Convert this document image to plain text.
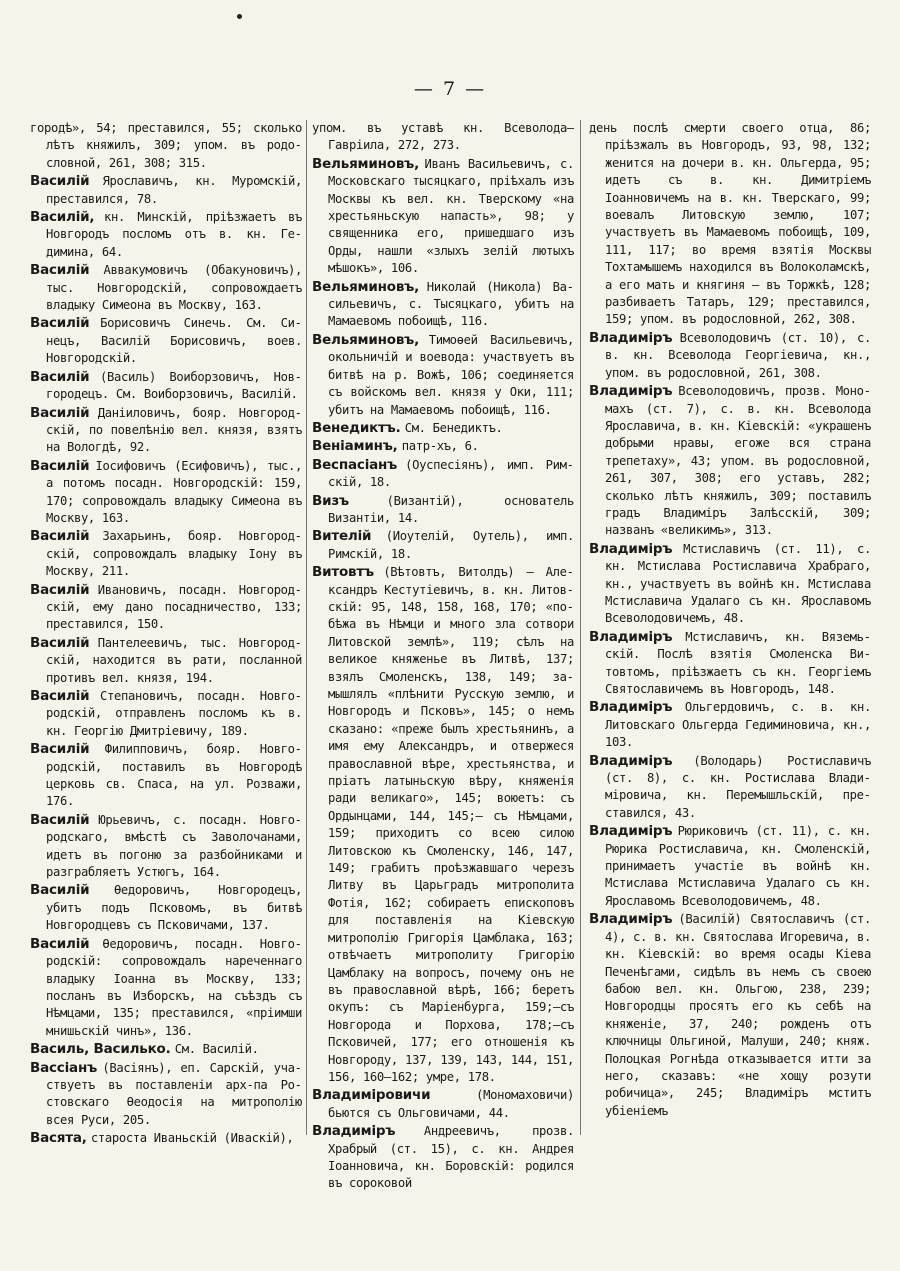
— 7 —

городѣ», 54; преставился, 55; сколько лѣтъ княжилъ, 309; упом. въ родословной, 261, 308; 315.

Василій Ярославичъ, кн. Муромскій, преставился, 78.

Василій, кн. Минскій, пріѣзжаетъ въ Новгородъ посломъ отъ в. кн. Гедимина, 64.

Василій Аввакумовичъ (Обакуновичъ), тыс. Новгородскій, сопровождаетъ владыку Симеона въ Москву, 163.

Василій Борисовичъ Синечь. См. Синецъ, Василій Борисовичъ, воев. Новгородскій.

Василій (Василь) Воиборзовичъ, Новгородецъ. См. Воиборзовичъ, Василій.

Василій Даніиловичъ, бояр. Новгородскій, по повелѣнію вел. князя, взятъ на Вологдѣ, 92.

Василій Іосифовичъ (Есифовичъ), тыс., а потомъ посадн. Новгородскій: 159, 170; сопровождалъ владыку Симеона въ Москву, 163.

Василій Захарьинъ, бояр. Новгородскій, сопровождалъ владыку Іону въ Москву, 211.

Василій Ивановичъ, посадн. Новгородскій, ему дано посадничество, 133; преставился, 150.

Василій Пантелеевичъ, тыс. Новгородскій, находится въ рати, посланной противъ вел. князя, 194.

Василій Степановичъ, посадн. Новгородскій, отправленъ посломъ къ в. кн. Георгію Дмитріевичу, 189.

Василій Филипповичъ, бояр. Новгородскій, поставилъ въ Новгородѣ церковь св. Спаса, на ул. Розважи, 176.

Василій Юрьевичъ, с. посадн. Новгородскаго, вмѣстѣ съ Заволочанами, идетъ въ погоню за разбойниками и разграбляетъ Устюгъ, 164.

Василій Ѳедоровичъ, Новгородецъ, убитъ подъ Псковомъ, въ битвѣ Новгородцевъ съ Псковичами, 137.

Василій Ѳедоровичъ, посадн. Новгородскій: сопровождалъ нареченнаго владыку Іоанна въ Москву, 133; посланъ въ Изборскъ, на съѣздъ съ Нѣмцами, 135; преставился, «пріимши мнишьскій чинъ», 136.

Василь, Василько. См. Василій.

Вассіанъ (Васіянъ), еп. Сарскій, участвуетъ въ поставленіи арх-па Ростовскаго Ѳеодосія на митрополію всея Руси, 205.

Васята, староста Иваньскій (Иваскій),

упом. въ уставѣ кн. Всеволода— Гавріила, 272, 273.

Вельяминовъ, Иванъ Васильевичъ, с. Московскаго тысяцкаго, пріѣхалъ изъ Москвы къ вел. кн. Тверскому «на хрестьяньскую напасть», 98; у священника его, пришедшаго изъ Орды, нашли «злыхъ зелій лютыхъ мѣшокъ», 106.

Вельяминовъ, Николай (Никола) Васильевичъ, с. Тысяцкаго, убитъ на Мамаевомъ побоищѣ, 116.

Вельяминовъ, Тимоѳей Васильевичъ, окольничій и воевода: участвуетъ въ битвѣ на р. Вожѣ, 106; соединяется съ войскомъ вел. князя у Оки, 111; убитъ на Мамаевомъ побоищѣ, 116.

Венедиктъ. См. Бенедиктъ.

Веніаминъ, патр-хъ, 6.

Веспасіанъ (Оуспесіянъ), имп. Римскій, 18.

Визъ	(Византій), основатель Византіи, 14.

Вителій (Иоутелій, Оутель), имп. Римскій, 18.

Витовтъ (Вѣтовтъ, Витолдъ) — Александръ Кестутіевичъ, в. кн. Литовскій: 95, 148, 158, 168, 170; «побѣжа въ Нѣмци и много зла сотвори Литовской землѣ», 119; сѣлъ на великое княженье въ Литвѣ, 137; взялъ Смоленскъ, 138, 149; замышлялъ «плѣнити Русскую землю, и Новгородъ и Псковъ», 145; о немъ сказано: «преже былъ хрестьянинъ, а имя ему Александръ, и отвержеся православной вѣре, хрестьянства, и пріатъ латыньскую вѣру, княженія ради великаго», 145; воюетъ: съ Ордынцами, 144, 145;— съ Нѣмцами, 159; приходитъ со всею силою Литовскою къ Смоленску, 146, 147, 149; грабитъ проѣзжавшаго черезъ Литву въ Царьградъ митрополита Фотія, 162; собираетъ епископовъ для поставленія на Кіевскую митрополію Григорія Цамблака, 163; отвѣчаетъ митрополиту Григорію Цамблаку на вопросъ, почему онъ не въ православной вѣрѣ, 166; беретъ окупъ: съ Маріенбурга, 159;—съ Новгорода и Порхова, 178;—съ Псковичей, 177; его отношенія къ Новгороду, 137, 139, 143, 144, 151, 156, 160—162; умре, 178.

Владиміровичи	(Мономаховичи) бьются съ Ольговичами, 44.

Владиміръ Андреевичъ, прозв. Храбрый (ст. 15), с. кн. Андрея Іоанновича, кн. Боровскій: родился въ сороковой

день послѣ смерти своего отца, 86; пріѣзжалъ въ Новгородъ, 93, 98, 132; женится на дочери в. кн. Ольгерда, 95; идетъ съ в. кн. Димитріемъ Іоанновичемъ на в. кн. Тверскаго, 99; воевалъ Литовскую землю, 107; участвуетъ въ Мамаевомъ побоищѣ, 109, 111, 117; во время взятія Москвы Тохтамышемъ находился въ Волоколамскѣ, а его мать и княгиня — въ Торжкѣ, 128; разбиваетъ Татаръ, 129; преставился, 159; упом. въ родословной, 262, 308.

Владиміръ Всеволодовичъ (ст. 10), с. в. кн. Всеволода Георгіевича, кн., упом. въ родословной, 261, 308.

Владиміръ Всеволодовичъ, прозв. Мономахъ (ст. 7), с. в. кн. Всеволода Ярославича, в. кн. Кіевскій: «украшенъ добрыми нравы, егоже вся страна трепетаху», 43; упом. въ родословной, 261, 307, 308; его уставъ, 282; сколько лѣтъ княжилъ, 309; поставилъ градъ Владиміръ Залѣсскій, 309; названъ «великимъ», 313.

Владиміръ Мстиславичъ (ст. 11), с. кн. Мстислава Ростиславича Храбраго, кн., участвуетъ въ войнѣ кн. Мстислава Мстиславича Удалаго съ кн. Ярославомъ Всеволодовичемъ, 48.

Владиміръ Мстиславичъ, кн. Вяземьскій. Послѣ взятія Смоленска Витовтомъ, пріѣзжаетъ съ кн. Георгіемъ Святославичемъ въ Новгородъ, 148.

Владиміръ Ольгердовичъ, с. в. кн. Литовскаго Ольгерда Гедиминовича, кн., 103.

Владиміръ (Володарь) Ростиславичъ (ст. 8), с. кн. Ростислава Владиміровича, кн. Перемышльскій, преставился, 43.

Владиміръ Рюриковичъ (ст. 11), с. кн. Рюрика Ростиславича, кн. Смоленскій, принимаетъ участіе въ войнѣ кн. Мстислава Мстиславича Удалаго съ кн. Ярославомъ Всеволодовичемъ, 48.

Владиміръ (Василій) Святославичъ (ст. 4), с. в. кн. Святослава Игоревича, в. кн. Кіевскій: во время осады Кіева Печенѣгами, сидѣлъ въ немъ съ своею бабою вел. кн. Ольгою, 238, 239; Новгородцы просятъ его къ себѣ на княженіе, 37, 240; рожденъ отъ ключницы Ольгиной, Малуши, 240; княж. Полоцкая Рогнѣда отказывается итти за него, сказавъ: «не хощу розути робичица», 245; Владиміръ мститъ убіенiемъ
